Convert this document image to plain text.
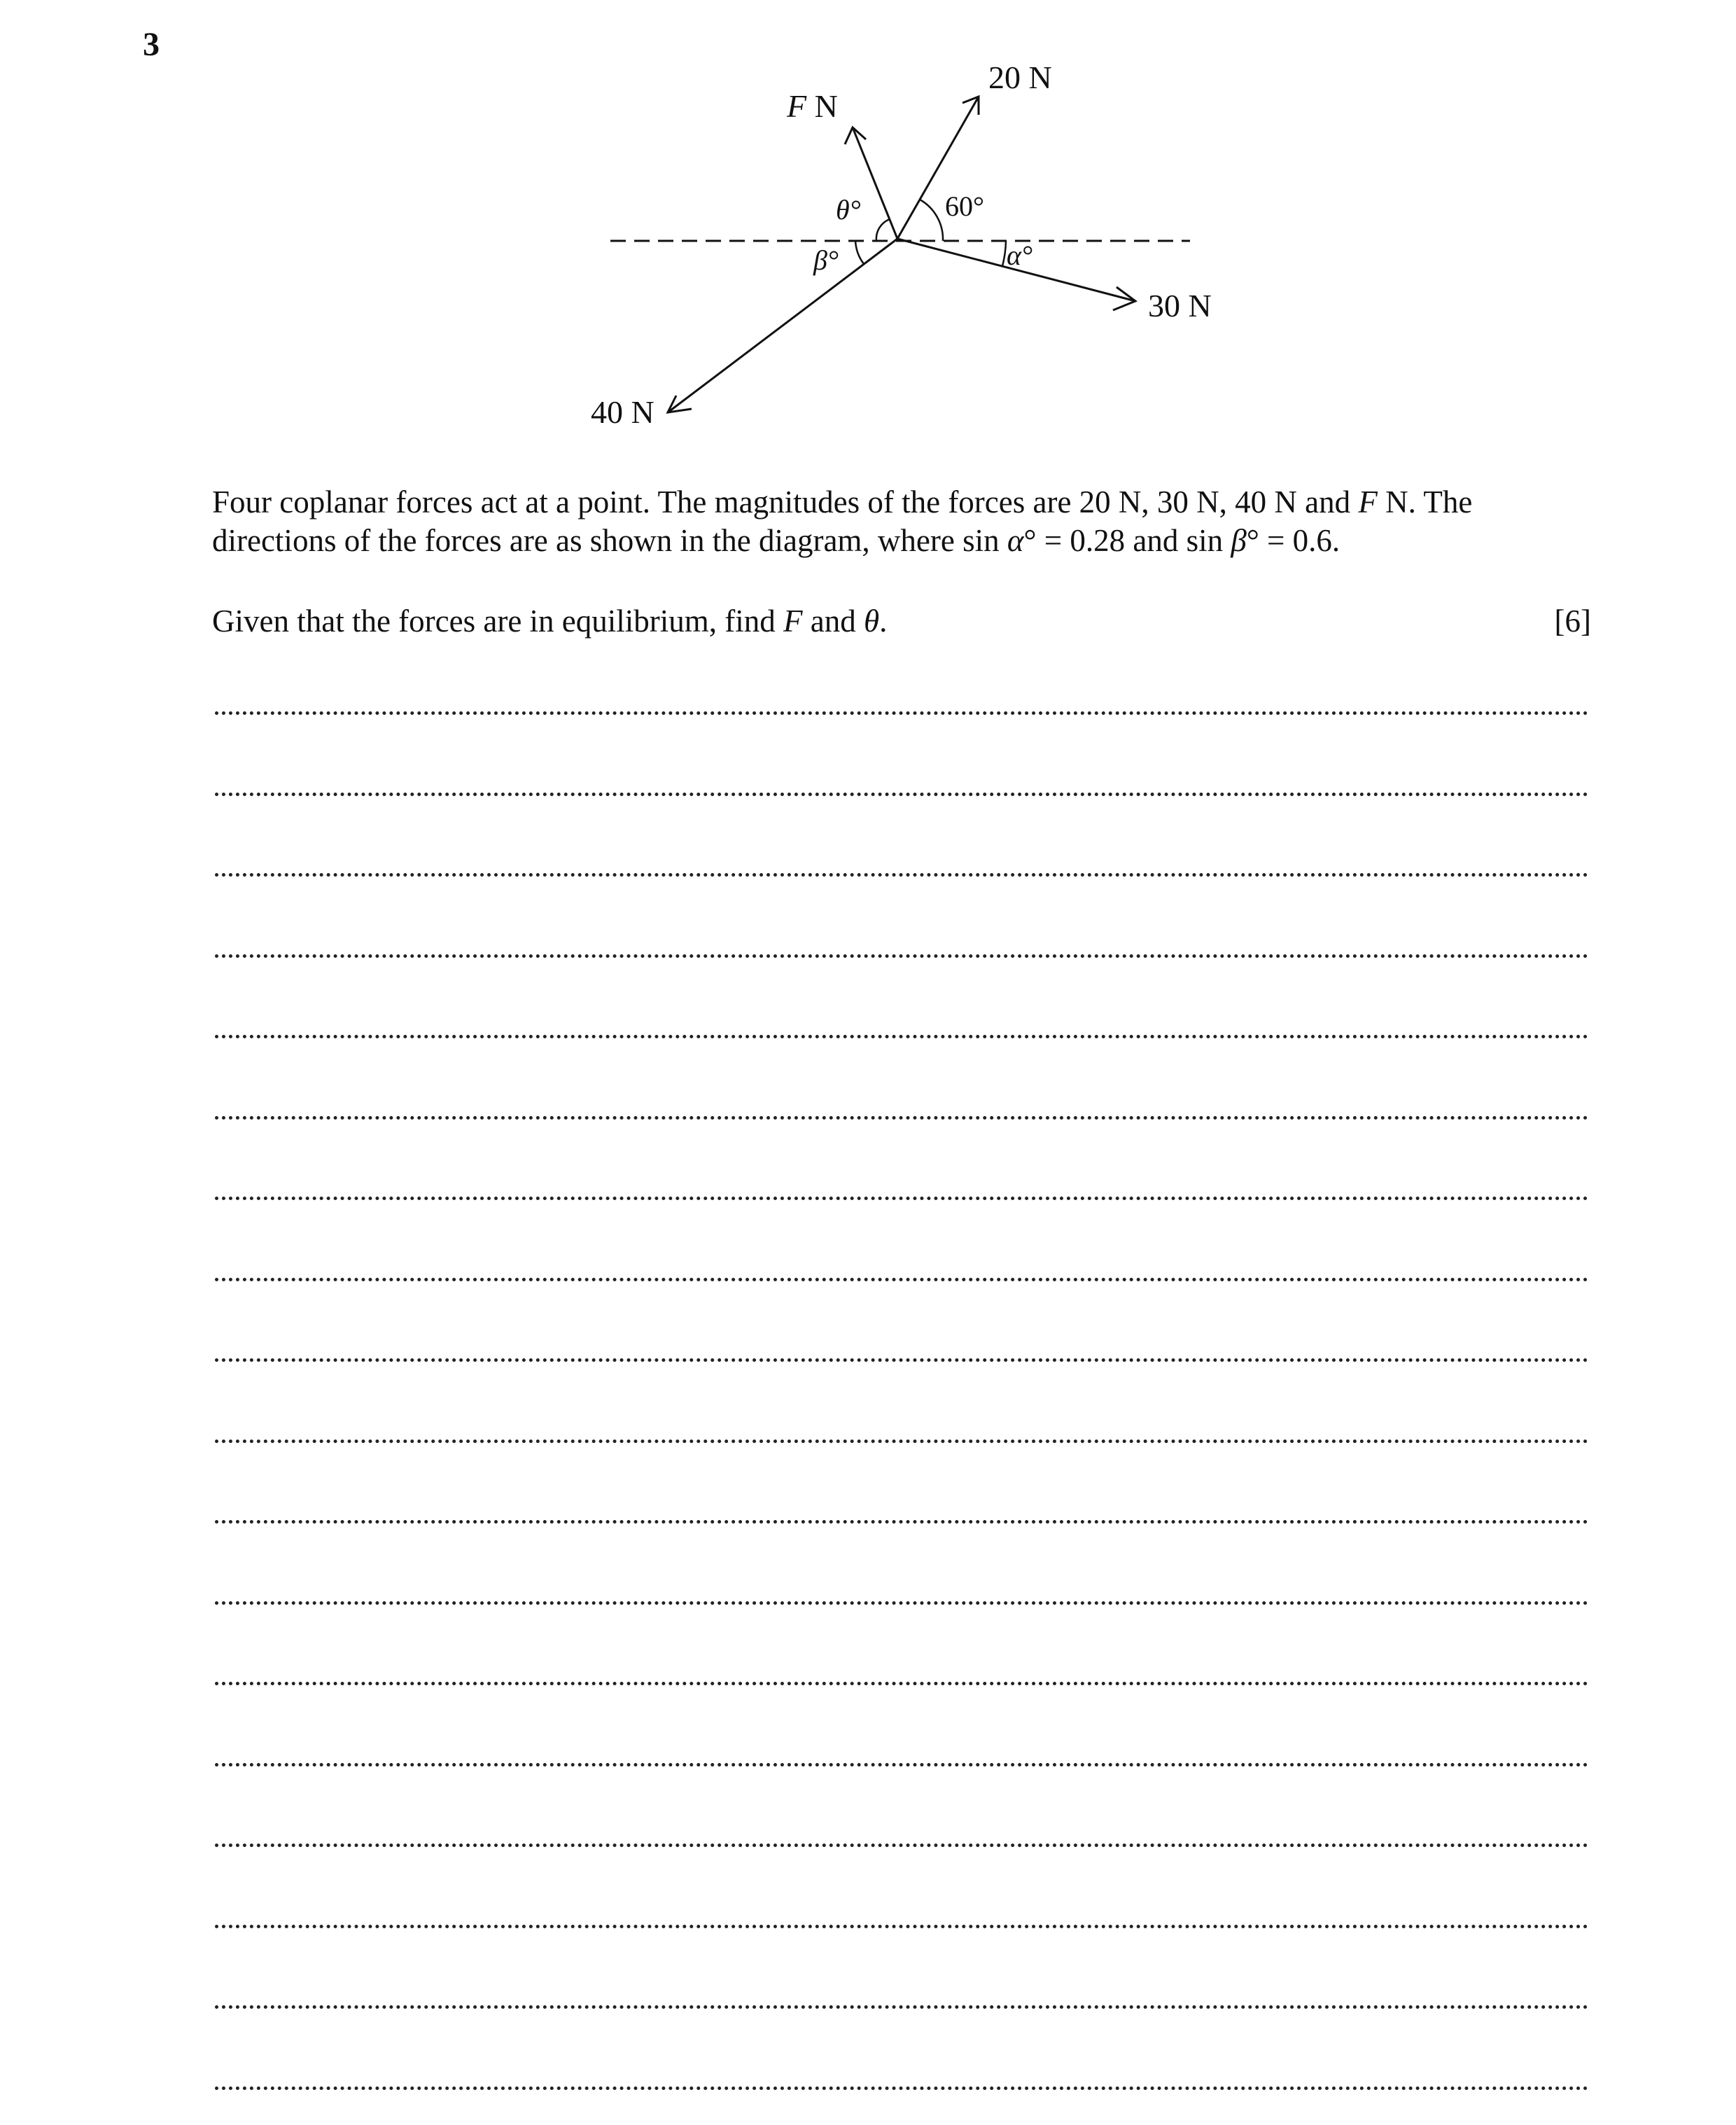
3
F N
20 N
30 N
40 N
θ°	60°
β°	α°
Four coplanar forces act at a point. The magnitudes of the forces are 20 N, 30 N, 40 N and F N. The
directions of the forces are as shown in the diagram, where sin α° = 0.28 and sin β° = 0.6.
Given that the forces are in equilibrium, find F and θ.	[6]
